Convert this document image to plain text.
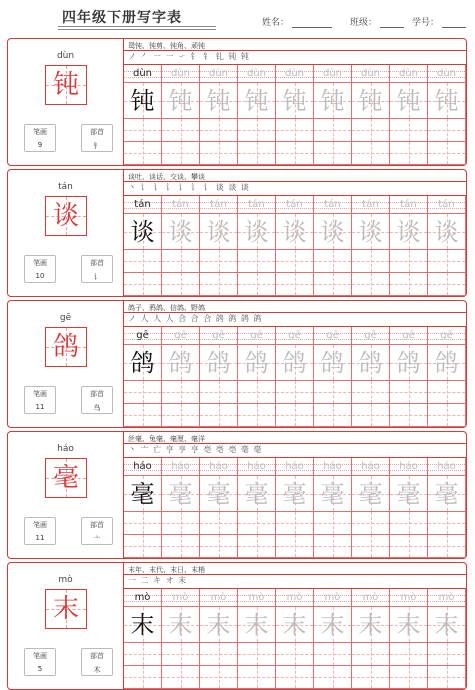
四年级下册写字表	姓名：	班级：	学号：
dùn
钝
笔画
9
部首
钅
鸳钝、钝剪、钝角、顽钝
ノ ㇒ ㇐ ㇐ ㇀ 钅 钅 钆 钝 钝
dùn
钝
dùn
钝
dùn
钝
dùn
钝
dùn
钝
dùn
钝
dùn
钝
dùn
钝
dùn
钝
tán
谈
笔画
10
部首
讠
谈吐、谈话、交谈、攀谈
丶 讠 讠 讠 讠 讠 讠 谈 谈 谈
tán
谈
tán
谈
tán
谈
tán
谈
tán
谈
tán
谈
tán
谈
tán
谈
tán
谈
gē
鸽
笔画
11
部首
鸟
鸽子、鸦鸽、信鸽、野鸽
ノ 人 人 人 合 合 合 鸽 鸽 鸽 鸽
gē
鸽
gē
鸽
gē
鸽
gē
鸽
gē
鸽
gē
鸽
gē
鸽
gē
鸽
gē
鸽
háo
毫
笔画
11
部首
亠
丝毫、兔毫、毫厘、毫洋
丶 亠 亡 亨 亨 亨 亳 亳 亳 毫 毫
háo
毫
háo
毫
háo
毫
háo
毫
háo
毫
háo
毫
háo
毫
háo
毫
háo
毫
mò
末
笔画
5
部首
木
末年、末代、末日、末梢
一 二 キ オ 末
mò
末
mò
末
mò
末
mò
末
mò
末
mò
末
mò
末
mò
末
mò
末
